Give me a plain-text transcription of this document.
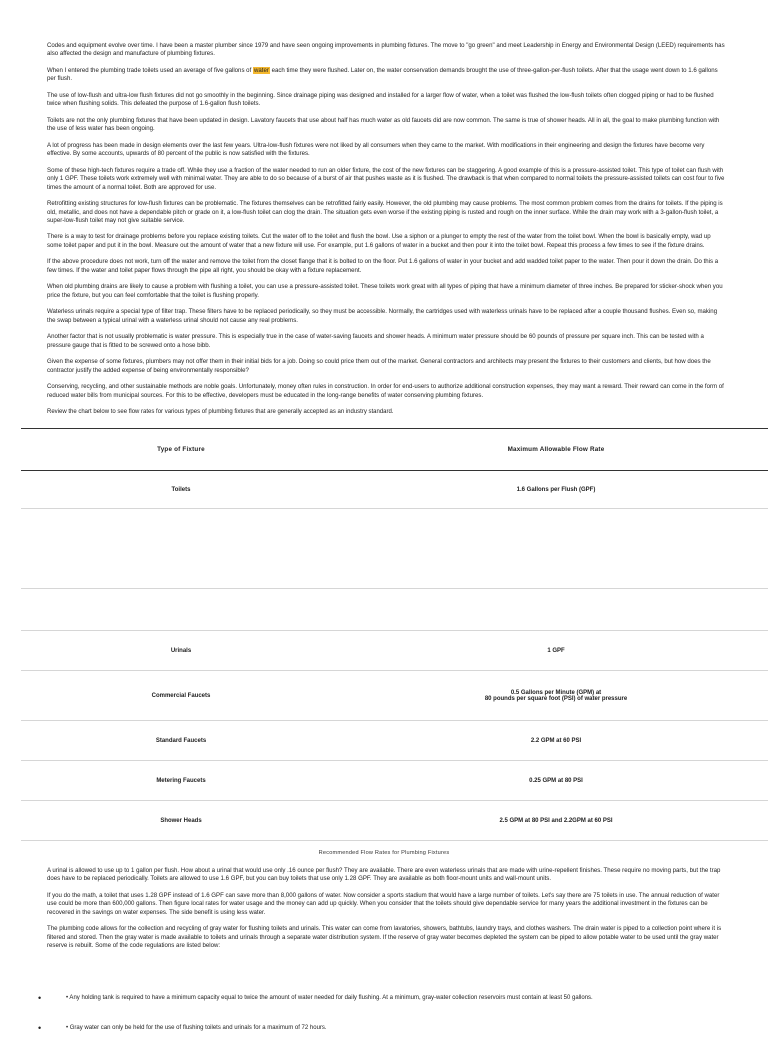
Codes and equipment evolve over time. I have been a master plumber since 1979 and have seen ongoing improvements in plumbing fixtures. The move to "go green" and meet Leadership in Energy and Environmental Design (LEED) requirements has also affected the design and manufacture of plumbing fixtures.

When I entered the plumbing trade toilets used an average of five gallons of water each time they were flushed. Later on, the water conservation demands brought the use of three-gallon-per-flush toilets. After that the usage went down to 1.6 gallons per flush.

The use of low-flush and ultra-low flush fixtures did not go smoothly in the beginning. Since drainage piping was designed and installed for a larger flow of water, when a toilet was flushed the low-flush toilets often clogged piping or had to be flushed twice when flushing solids. This defeated the purpose of 1.6-gallon flush toilets.

Toilets are not the only plumbing fixtures that have been updated in design. Lavatory faucets that use about half has much water as old faucets did are now common. The same is true of shower heads. All in all, the goal to make plumbing function with the use of less water has been ongoing.

A lot of progress has been made in design elements over the last few years. Ultra-low-flush fixtures were not liked by all consumers when they came to the market. With modifications in their engineering and design the fixtures have become very effective. By some accounts, upwards of 80 percent of the public is now satisfied with the fixtures.

Some of these high-tech fixtures require a trade off. While they use a fraction of the water needed to run an older fixture, the cost of the new fixtures can be staggering. A good example of this is a pressure-assisted toilet. This type of toilet can flush with only 1 GPF. These toilets work extremely well with minimal water. They are able to do so because of a burst of air that pushes waste as it is flushed. The drawback is that when compared to normal toilets the pressure-assisted toilets can cost four to five times the amount of a normal toilet. Both are approved for use.

Retrofitting existing structures for low-flush fixtures can be problematic. The fixtures themselves can be retrofitted fairly easily. However, the old plumbing may cause problems. The most common problem comes from the drains for toilets. If the piping is old, metallic, and does not have a dependable pitch or grade on it, a low-flush toilet can clog the drain. The situation gets even worse if the existing piping is rusted and rough on the inner surface. While the drain may work with a 3-gallon-flush toilet, a super-low-flush toilet may not give suitable service.

There is a way to test for drainage problems before you replace existing toilets. Cut the water off to the toilet and flush the bowl. Use a siphon or a plunger to empty the rest of the water from the toilet bowl. When the bowl is basically empty, wad up some toilet paper and put it in the bowl. Measure out the amount of water that a new fixture will use. For example, put 1.6 gallons of water in a bucket and then pour it into the toilet bowl. Repeat this process a few times to see if the fixture drains.

If the above procedure does not work, turn off the water and remove the toilet from the closet flange that it is bolted to on the floor. Put 1.6 gallons of water in your bucket and add wadded toilet paper to the water. Then pour it down the drain. Do this a few times. If the water and toilet paper flows through the pipe all right, you should be okay with a fixture replacement.

When old plumbing drains are likely to cause a problem with flushing a toilet, you can use a pressure-assisted toilet. These toilets work great with all types of piping that have a minimum diameter of three inches. Be prepared for sticker-shock when you price the fixture, but you can feel comfortable that the toilet is flushing properly.

Waterless urinals require a special type of filter trap. These filters have to be replaced periodically, so they must be accessible. Normally, the cartridges used with waterless urinals have to be replaced after a couple thousand flushes. Even so, making the swap between a typical urinal with a waterless urinal should not cause any real problems.

Another factor that is not usually problematic is water pressure. This is especially true in the case of water-saving faucets and shower heads. A minimum water pressure should be 60 pounds of pressure per square inch. This can be tested with a pressure gauge that is fitted to be screwed onto a hose bibb.

Given the expense of some fixtures, plumbers may not offer them in their initial bids for a job. Doing so could price them out of the market. General contractors and architects may present the fixtures to their customers and clients, but how does the contractor justify the added expense of being environmentally responsible?

Conserving, recycling, and other sustainable methods are noble goals. Unfortunately, money often rules in construction. In order for end-users to authorize additional construction expenses, they may want a reward. Their reward can come in the form of reduced water bills from municipal sources. For this to be effective, developers must be educated in the long-range benefits of water conserving plumbing fixtures.

Review the chart below to see flow rates for various types of plumbing fixtures that are generally accepted as an industry standard.

Type of Fixture	Maximum Allowable Flow Rate
Toilets	1.6 Gallons per Flush (GPF)

Urinals	1 GPF
Commercial Faucets	0.5 Gallons per Minute (GPM) at
80 pounds per square foot (PSI) of water pressure

Standard Faucets	2.2 GPM at 60 PSI
Metering Faucets	0.25 GPM at 80 PSI
Shower Heads	2.5 GPM at 80 PSI and 2.2GPM at 60 PSI
Recommended Flow Rates for Plumbing Fixtures

A urinal is allowed to use up to 1 gallon per flush. How about a urinal that would use only .16 ounce per flush? They are available. There are even waterless urinals that are made with urine-repellent finishes. These require no moving parts, but the trap does have to be replaced periodically. Toilets are allowed to use 1.6 GPF, but you can buy toilets that use only 1.28 GPF. They are available as both floor-mount units and wall-mount units.

If you do the math, a toilet that uses 1.28 GPF instead of 1.6 GPF can save more than 8,000 gallons of water. Now consider a sports stadium that would have a large number of toilets. Let's say there are 75 toilets in use. The annual reduction of water use could be more than 600,000 gallons. Then figure local rates for water usage and the money can add up quickly. When you consider that the toilets should give dependable service for many years the additional investment in the fixtures can be recovered in the savings on water expenses. The side benefit is using less water.

The plumbing code allows for the collection and recycling of gray water for flushing toilets and urinals. This water can come from lavatories, showers, bathtubs, laundry trays, and clothes washers. The drain water is piped to a collection point where it is filtered and stored. Then the gray water is made available to toilets and urinals through a separate water distribution system. If the reserve of gray water becomes depleted the system can be piped to allow potable water to be used until the gray water reserve is rebuilt. Some of the code regulations are listed below:

•	• Any holding tank is required to have a minimum capacity equal to twice the amount of water needed for daily flushing. At a minimum, gray-water collection reservoirs must contain at least 50 gallons.
•	• Gray water can only be held for the use of flushing toilets and urinals for a maximum of 72 hours.
